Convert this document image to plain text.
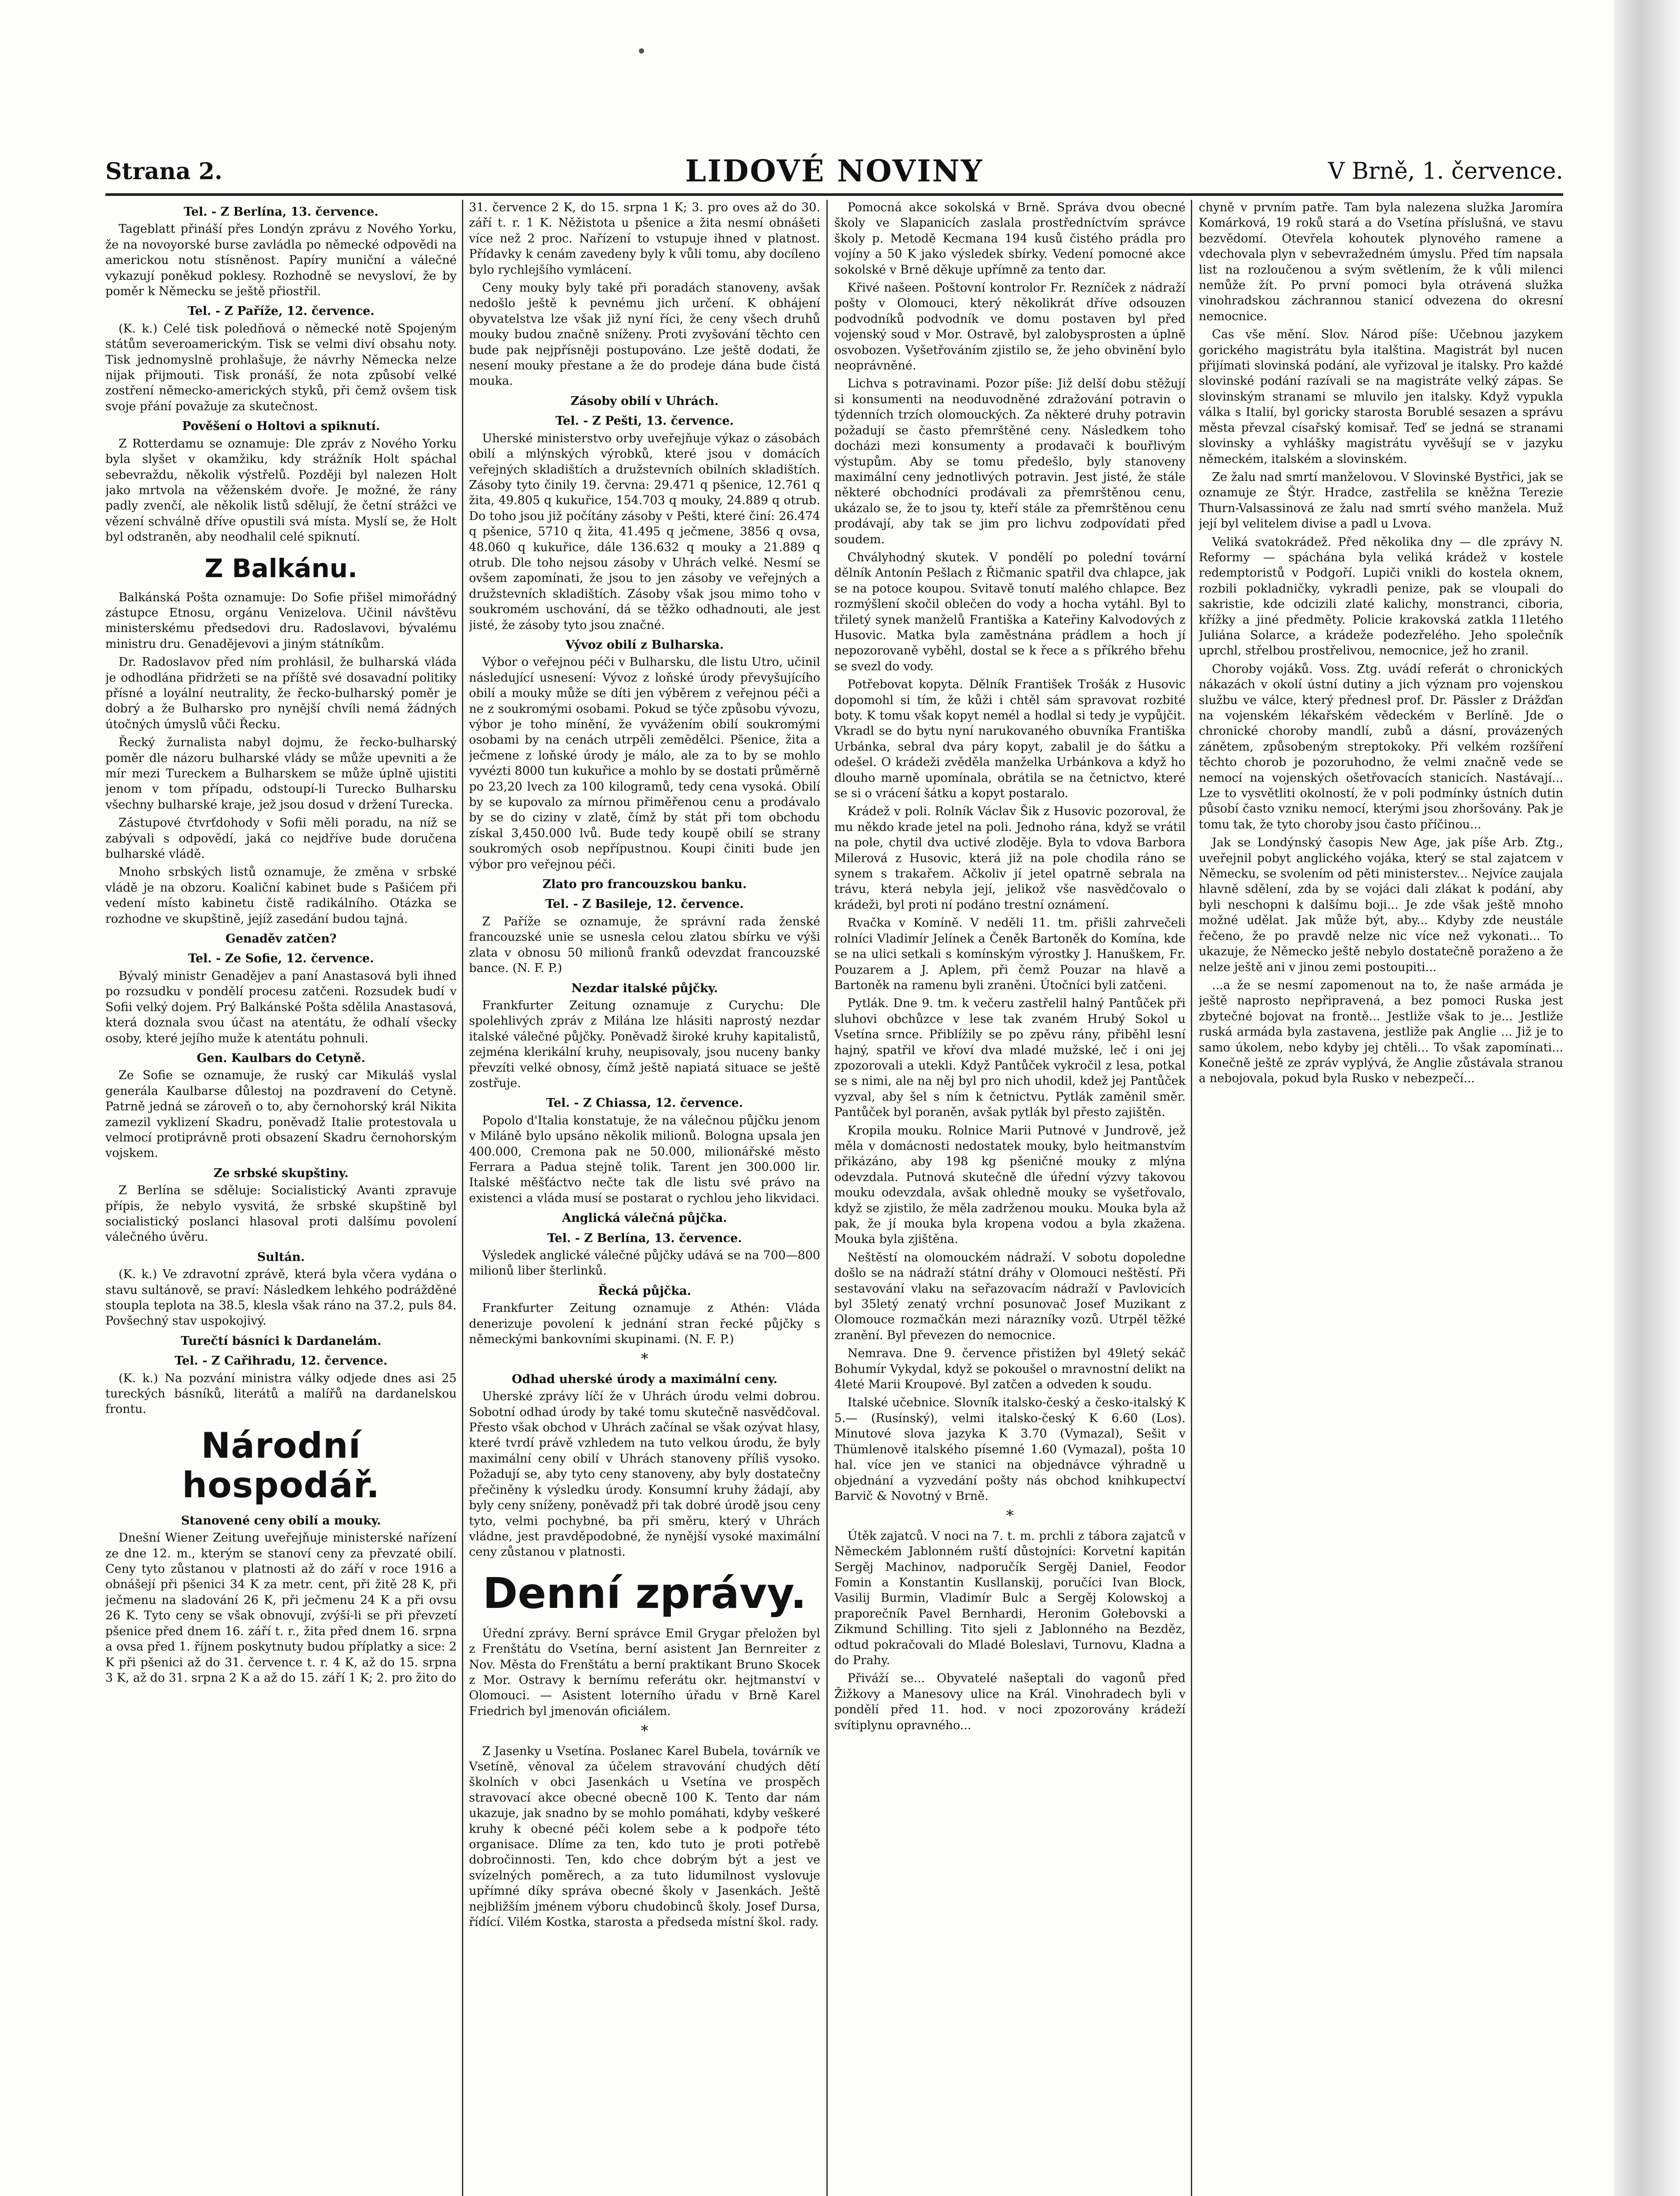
Strana 2.	LIDOVÉ NOVINY	V Brně, 1. července.

Tel. - Z Berlína, 13. července.

Tageblatt přináší přes Londýn zprávu z Nového Yorku, že na novoyorské burse zavládla po německé odpovědi na americkou notu stísněnost. Papíry muniční a válečné vykazují poněkud poklesy. Rozhodně se nevysloví, že by poměr k Německu se ještě přiostřil.

Tel. - Z Paříže, 12. července.

(K. k.) Celé tisk poledňová o německé notě Spojeným státům severoamerickým. Tisk se velmi diví obsahu noty. Tisk jednomyslně prohlašuje, že návrhy Německa nelze nijak přijmouti. Tisk pronáší, že nota způsobí velké zostření německo-amerických styků, při čemž ovšem tisk svoje přání považuje za skutečnost.

Pověšení o Holtovi a spiknutí.

Z Rotterdamu se oznamuje: Dle zpráv z Nového Yorku byla slyšet v okamžiku, kdy strážník Holt spáchal sebevraždu, několik výstřelů. Později byl nalezen Holt jako mrtvola na věženském dvoře. Je možné, že rány padly zvenčí, ale několik listů sdělují, že četní strážci ve vězení schválně dříve opustili svá místa. Myslí se, že Holt byl odstraněn, aby neodhalil celé spiknutí.

Z Balkánu.

Balkánská Pošta oznamuje: Do Sofie přišel mimořádný zástupce Etnosu, orgánu Venizelova. Učinil návštěvu ministerskému předsedovi dru. Radoslavovi, bývalému ministru dru. Genadějevovi a jiným státníkům.

Dr. Radoslavov před ním prohlásil, že bulharská vláda je odhodlána přidržeti se na příště své dosavadní politiky přísné a loyální neutrality, že řecko-bulharský poměr je dobrý a že Bulharsko pro nynější chvíli nemá žádných útočných úmyslů vůči Řecku.

Řecký žurnalista nabyl dojmu, že řecko-bulharský poměr dle názoru bulharské vlády se může upevniti a že mír mezi Tureckem a Bulharskem se může úplně ujistiti jenom v tom případu, odstoupí-li Turecko Bulharsku všechny bulharské kraje, jež jsou dosud v držení Turecka.

Zástupové čtvrťdohody v Sofii měli poradu, na níž se zabývali s odpovědí, jaká co nejdříve bude doručena bulharské vládě.

Mnoho srbských listů oznamuje, že změna v srbské vládě je na obzoru. Koaliční kabinet bude s Pašićem při vedení místo kabinetu čistě radikálního. Otázka se rozhodne ve skupštině, jejíž zasedání budou tajná.

Genaděv zatčen?

Tel. - Ze Sofie, 12. července.

Bývalý ministr Genadějev a paní Anastasová byli ihned po rozsudku v pondělí procesu zatčeni. Rozsudek budí v Sofii velký dojem. Prý Balkánské Pošta sdělila Anastasová, která doznala svou účast na atentátu, že odhalí všecky osoby, které jejího muže k atentátu pohnuli.

Gen. Kaulbars do Cetyně.

Ze Sofie se oznamuje, že ruský car Mikuláš vyslal generála Kaulbarse důlestoj na pozdravení do Cetyně. Patrně jedná se zároveň o to, aby černohorský král Nikita zamezil vyklizení Skadru, poněvadž Italie protestovala u velmocí protiprávně proti obsazení Skadru černohorským vojskem.

Ze srbské skupštiny.

Z Berlína se sděluje: Socialistický Avanti zpravuje přípis, že nebylo vysvitá, že srbské skupštině byl socialistický poslanci hlasoval proti dalšímu povolení válečného úvěru.

Sultán.

(K. k.) Ve zdravotní zprávě, která byla včera vydána o stavu sultánově, se praví: Následkem lehkého podrážděné stoupla teplota na 38.5, klesla však ráno na 37.2, puls 84. Povšechný stav uspokojivý.

Turečtí básníci k Dardanelám.

Tel. - Z Cařihradu, 12. července.

(K. k.) Na pozvání ministra války odjede dnes asi 25 tureckých básníků, literátů a malířů na dardanelskou frontu.

Národní hospodář.

Stanovené ceny obilí a mouky.

Dnešní Wiener Zeitung uveřejňuje ministerské nařízení ze dne 12. m., kterým se stanoví ceny za převzaté obilí. Ceny tyto zůstanou v platnosti až do září v roce 1916 a obnášejí při pšenici 34 K za metr. cent, při žitě 28 K, při ječmenu na sladování 26 K, při ječmenu 24 K a při ovsu 26 K. Tyto ceny se však obnovují, zvýší-li se při převzetí pšenice před dnem 16. září t. r., žita před dnem 16. srpna a ovsa před 1. říjnem poskytnuty budou příplatky a sice: 2 K při pšenici až do 31. července t. r. 4 K, až do 15. srpna 3 K, až do 31. srpna 2 K a až do 15. září 1 K; 2. pro žito do

31. července 2 K, do 15. srpna 1 K; 3. pro oves až do 30. září t. r. 1 K. Něžistota u pšenice a žita nesmí obnášeti více než 2 proc. Nařízení to vstupuje ihned v platnost. Přídavky k cenám zavedeny byly k vůli tomu, aby docíleno bylo rychlejšího vymlácení.

Ceny mouky byly také při poradách stanoveny, avšak nedošlo ještě k pevnému jich určení. K obhájení obyvatelstva lze však již nyní říci, že ceny všech druhů mouky budou značně sníženy. Proti zvyšování těchto cen bude pak nejpřísněji postupováno. Lze ještě dodati, že nesení mouky přestane a že do prodeje dána bude čistá mouka.

Zásoby obilí v Uhrách.

Tel. - Z Pešti, 13. července.

Uherské ministerstvo orby uveřejňuje výkaz o zásobách obilí a mlýnských výrobků, které jsou v domácích veřejných skladištích a družstevních obilních skladištích. Zásoby tyto činily 19. června: 29.471 q pšenice, 12.761 q žita, 49.805 q kukuřice, 154.703 q mouky, 24.889 q otrub. Do toho jsou již počítány zásoby v Pešti, které činí: 26.474 q pšenice, 5710 q žita, 41.495 q ječmene, 3856 q ovsa, 48.060 q kukuřice, dále 136.632 q mouky a 21.889 q otrub. Dle toho nejsou zásoby v Uhrách velké. Nesmí se ovšem zapomínati, že jsou to jen zásoby ve veřejných a družstevních skladištích. Zásoby však jsou mimo toho v soukromém uschování, dá se těžko odhadnouti, ale jest jisté, že zásoby tyto jsou značné.

Vývoz obilí z Bulharska.

Výbor o veřejnou péči v Bulharsku, dle listu Utro, učinil následující usnesení: Vývoz z loňské úrody převyšujícího obilí a mouky může se díti jen výběrem z veřejnou péči a ne z soukromými osobami. Pokud se týče způsobu vývozu, výbor je toho mínění, že vyvážením obilí soukromými osobami by na cenách utrpěli zemědělci. Pšenice, žita a ječmene z loňské úrody je málo, ale za to by se mohlo vyvézti 8000 tun kukuřice a mohlo by se dostati průměrně po 23,20 lvech za 100 kilogramů, tedy cena vysoká. Obilí by se kupovalo za mírnou přiměřenou cenu a prodávalo by se do ciziny v zlatě, čímž by stát při tom obchodu získal 3,450.000 lvů. Bude tedy koupě obilí se strany soukromých osob nepřípustnou. Koupi činiti bude jen výbor pro veřejnou péči.

Zlato pro francouzskou banku.

Tel. - Z Basileje, 12. července.

Z Paříže se oznamuje, že správní rada ženské francouzské unie se usnesla celou zlatou sbírku ve výši zlata v obnosu 50 milionů franků odevzdat francouzské bance. (N. F. P.)

Nezdar italské půjčky.

Frankfurter Zeitung oznamuje z Curychu: Dle spolehlivých zpráv z Milána lze hlásiti naprostý nezdar italské válečné půjčky. Poněvadž široké kruhy kapitalistů, zejména klerikální kruhy, neupisovaly, jsou nuceny banky převzíti velké obnosy, čímž ještě napiatá situace se ještě zostřuje.

Tel. - Z Chiassa, 12. července.

Popolo d'Italia konstatuje, že na válečnou půjčku jenom v Miláně bylo upsáno několik milionů. Bologna upsala jen 400.000, Cremona pak ne 50.000, milionářské město Ferrara a Padua stejně tolik. Tarent jen 300.000 lir. Italské měšťáctvo nečte tak dle listu své právo na existenci a vláda musí se postarat o rychlou jeho likvidaci.

Anglická válečná půjčka.

Tel. - Z Berlína, 13. července.

Výsledek anglické válečné půjčky udává se na 700—800 milionů liber šterlinků.

Řecká půjčka.

Frankfurter Zeitung oznamuje z Athén: Vláda denerizuje povolení k jednání stran řecké půjčky s německými bankovními skupinami. (N. F. P.)

*

Odhad uherské úrody a maximální ceny.

Uherské zprávy líčí že v Uhrách úrodu velmi dobrou. Sobotní odhad úrody by také tomu skutečně nasvědčoval. Přesto však obchod v Uhrách začínal se však ozývat hlasy, které tvrdí právě vzhledem na tuto velkou úrodu, že byly maximální ceny obilí v Uhrách stanoveny příliš vysoko. Požadují se, aby tyto ceny stanoveny, aby byly dostatečny přečiněny k výsledku úrody. Konsumní kruhy žádají, aby byly ceny sníženy, poněvadž při tak dobré úrodě jsou ceny tyto, velmi pochybné, ba při směru, který v Uhrách vládne, jest pravděpodobné, že nynější vysoké maximální ceny zůstanou v platnosti.

Denní zprávy.

Úřední zprávy. Berní správce Emil Grygar přeložen byl z Frenštátu do Vsetína, berní asistent Jan Bernreiter z Nov. Města do Frenštátu a berní praktikant Bruno Skocek z Mor. Ostravy k bernímu referátu okr. hejtmanství v Olomouci. — Asistent loterního úřadu v Brně Karel Friedrich byl jmenován oficiálem.

*

Z Jasenky u Vsetína. Poslanec Karel Bubela, továrník ve Vsetíně, věnoval za účelem stravování chudých dětí školních v obci Jasenkách u Vsetína ve prospěch stravovací akce obecné obecně 100 K. Tento dar nám ukazuje, jak snadno by se mohlo pomáhati, kdyby veškeré kruhy k obecné péči kolem sebe a k podpoře této organisace. Dlíme za ten, kdo tuto je proti potřebě dobročinnosti. Ten, kdo chce dobrým být a jest ve svízelných poměrech, a za tuto lidumilnost vyslovuje upřímné díky správa obecné školy v Jasenkách. Ještě nejbližším jménem výboru chudobinců školy. Josef Dursa, řídící. Vilém Kostka, starosta a předseda místní škol. rady.

Pomocná akce sokolská v Brně. Správa dvou obecné školy ve Slapanicích zaslala prostředníctvím správce školy p. Metodě Kecmana 194 kusů čistého prádla pro vojíny a 50 K jako výsledek sbírky. Vedení pomocné akce sokolské v Brně děkuje upřímně za tento dar.

Křivé našeen. Poštovní kontrolor Fr. Rezníček z nádraží pošty v Olomouci, který několikrát dříve odsouzen podvodníků podvodník ve domu postaven byl před vojenský soud v Mor. Ostravě, byl zalobysprosten a úplně osvobozen. Vyšetřováním zjistilo se, že jeho obvinění bylo neoprávněné.

Lichva s potravinami. Pozor píše: Již delší dobu stěžují si konsumenti na neoduvodněné zdražování potravin o týdenních trzích olomouckých. Za některé druhy potravin požadují se často přemrštěné ceny. Následkem toho docházi mezi konsumenty a prodavači k bouřlivým výstupům. Aby se tomu předešlo, byly stanoveny maximální ceny jednotlivých potravin. Jest jisté, že stále některé obchodníci prodávali za přemrštěnou cenu, ukázalo se, že to jsou ty, kteří stále za přemrštěnou cenu prodávají, aby tak se jim pro lichvu zodpovídati před soudem.

Chvályhodný skutek. V pondělí po polední tovární dělník Antonín Pešlach z Řičmanic spatřil dva chlapce, jak se na potoce koupou. Svitavě tonutí malého chlapce. Bez rozmýšlení skočil oblečen do vody a hocha vytáhl. Byl to třiletý synek manželů Františka a Kateřiny Kalvodových z Husovic. Matka byla zaměstnána prádlem a hoch jí nepozorovaně vyběhl, dostal se k řece a s příkrého břehu se svezl do vody.

Potřebovat kopyta. Dělník František Trošák z Husovic dopomohl si tím, že kůži i chtěl sám spravovat rozbité boty. K tomu však kopyt nemél a hodlal si tedy je vypůjčit. Vkradl se do bytu nyní narukovaného obuvníka Františka Urbánka, sebral dva páry kopyt, zabalil je do šátku a odešel. O krádeži zvěděla manželka Urbánkova a když ho dlouho marně upomínala, obrátila se na četnictvo, které se si o vrácení šátku a kopyt postaralo.

Krádež v poli. Rolník Václav Šik z Husovic pozoroval, že mu někdo krade jetel na poli. Jednoho rána, když se vrátil na pole, chytil dva uctivé zloděje. Byla to vdova Barbora Milerová z Husovic, která již na pole chodila ráno se synem s trakařem. Ačkoliv jí jetel opatrně sebrala na trávu, která nebyla její, jelikož vše nasvědčovalo o krádeži, byl proti ní podáno trestní oznámení.

Rvačka v Komíně. V neděli 11. tm. přišli zahrvečeli rolníci Vladimír Jelínek a Čeněk Bartoněk do Komína, kde se na ulici setkali s komínským výrostky J. Hanuškem, Fr. Pouzarem a J. Aplem, při čemž Pouzar na hlavě a Bartoněk na ramenu byli zraněni. Útočníci byli zatčeni.

Pytlák. Dne 9. tm. k večeru zastřelil halný Pantůček při sluhovi obchůzce v lese tak zvaném Hrubý Sokol u Vsetína srnce. Přiblížily se po zpěvu rány, přiběhl lesní hajný, spatřil ve křoví dva mladé mužské, leč i oni jej zpozorovali a utekli. Když Pantůček vykročil z lesa, potkal se s nimi, ale na něj byl pro nich uhodil, kdež jej Pantůček vyzval, aby šel s ním k četnictvu. Pytlák zaměnil směr. Pantůček byl poraněn, avšak pytlák byl přesto zajištěn.

Kropila mouku. Rolnice Marii Putnové v Jundrově, jež měla v domácnosti nedostatek mouky, bylo heitmanstvím přikázáno, aby 198 kg pšeničné mouky z mlýna odevzdala. Putnová skutečně dle úřední výzvy takovou mouku odevzdala, avšak ohledně mouky se vyšetřovalo, když se zjistilo, že měla zadrženou mouku. Mouka byla až pak, že jí mouka byla kropena vodou a byla zkažena. Mouka byla zjištěna.

Neštěstí na olomouckém nádraží. V sobotu dopoledne došlo se na nádraží státní dráhy v Olomouci neštěstí. Při sestavování vlaku na seřazovacím nádraží v Pavlovicích byl 35letý zenatý vrchní posunovač Josef Muzikant z Olomouce rozmačkán mezi nárazníky vozů. Utrpěl těžké zranění. Byl převezen do nemocnice.

Nemrava. Dne 9. července přistižen byl 49letý sekáč Bohumír Vykydal, když se pokoušel o mravnostní delikt na 4leté Marii Kroupové. Byl zatčen a odveden k soudu.

Italské učebnice. Slovník italsko-český a česko-italský K 5.— (Rusínský), velmi italsko-český K 6.60 (Los). Minutové slova jazyka K 3.70 (Vymazal), Sešit v Thümlenově italského písemné 1.60 (Vymazal), pošta 10 hal. více jen ve stanici na objednávce výhradně u objednání a vyzvedání pošty nás obchod knihkupectví Barvič & Novotný v Brně.

*

Útěk zajatců. V noci na 7. t. m. prchli z tábora zajatců v Německém Jablonném ruští důstojníci: Korvetní kapitán Sergěj Machinov, nadporučík Sergěj Daniel, Feodor Fomin a Konstantin Kusllanskij, poručíci Ivan Block, Vasilij Burmin, Vladimír Bulc a Sergěj Kolowskoj a praporečník Pavel Bernhardi, Heronim Gołebovski a Zikmund Schilling. Tito sjeli z Jablonného na Bezděz, odtud pokračovali do Mladé Boleslavi, Turnovu, Kladna a do Prahy.

Přiváží se... Obyvatelé našeptali do vagonů před Žižkovy a Manesovy ulice na Král. Vinohradech byli v pondělí před 11. hod. v noci zpozorovány krádeží svítiplynu opravného...

chyně v prvním patře. Tam byla nalezena služka Jaromíra Komárková, 19 roků stará a do Vsetína příslušná, ve stavu bezvědomí. Otevřela kohoutek plynového ramene a vdechovala plyn v sebevražedném úmyslu. Před tím napsala list na rozloučenou a svým světlením, že k vůli milenci nemůže žít. Po první pomoci byla otrávená služka vinohradskou záchrannou stanicí odvezena do okresní nemocnice.

Cas vše mění. Slov. Národ píše: Učebnou jazykem gorického magistrátu byla italština. Magistrát byl nucen přijímati slovinská podání, ale vyřizoval je italsky. Pro každé slovinské podání razívali se na magistráte velký zápas. Se slovinským stranami se mluvilo jen italsky. Když vypukla válka s Italií, byl goricky starosta Borublé sesazen a správu města převzal císařský komisař. Teď se jedná se stranami slovinsky a vyhlášky magistrátu vyvěšují se v jazyku německém, italském a slovinském.

Ze žalu nad smrtí manželovou. V Slovinské Bystřici, jak se oznamuje ze Štýr. Hradce, zastřelila se kněžna Terezie Thurn-Valsassinová ze žalu nad smrtí svého manžela. Muž její byl velitelem divise a padl u Lvova.

Veliká svatokrádež. Před několika dny — dle zprávy N. Reformy — spáchána byla veliká krádež v kostele redemptoristů v Podgoří. Lupiči vnikli do kostela oknem, rozbili pokladničky, vykradli penize, pak se vloupali do sakristie, kde odcizili zlaté kalichy, monstranci, ciboria, křížky a jiné předměty. Policie krakovská zatkla 11letého Juliána Solarce, a krádeže podezřelého. Jeho společník uprchl, střelbou prostřelivou, nemocnice, jež ho zranil.

Choroby vojáků. Voss. Ztg. uvádí referát o chronických nákazách v okolí ústní dutiny a jich význam pro vojenskou službu ve válce, který přednesl prof. Dr. Pässler z Drážďan na vojenském lékařském vědeckém v Berlíně. Jde o chronické choroby mandlí, zubů a dásní, provázených zánětem, způsobeným streptokoky. Při velkém rozšíření těchto chorob je pozoruhodno, že velmi značně vede se nemocí na vojenských ošetřovacích stanicích. Nastávají... Lze to vysvětliti okolností, že v poli podmínky ústních dutin působí často vzniku nemocí, kterými jsou zhoršovány. Pak je tomu tak, že tyto choroby jsou často příčinou...

Jak se Londýnský časopis New Age, jak píše Arb. Ztg., uveřejnil pobyt anglického vojáka, který se stal zajatcem v Německu, se svolením od pěti ministerstev... Nejvíce zaujala hlavně sdělení, zda by se vojáci dali zlákat k podání, aby byli neschopni k dalšímu boji... Je zde však ještě mnoho možné udělat. Jak může být, aby... Kdyby zde neustále řečeno, že po pravdě nelze nic více než vykonati... To ukazuje, že Německo ještě nebylo dostatečně poraženo a že nelze ještě ani v jinou zemi postoupiti...

...a že se nesmí zapomenout na to, že naše armáda je ještě naprosto nepřipravená, a bez pomoci Ruska jest zbytečné bojovat na frontě... Jestliže však to je... Jestliže ruská armáda byla zastavena, jestliže pak Anglie ... Již je to samo úkolem, nebo kdyby jej chtěli... To však zapomínati... Konečně ještě ze zpráv vyplývá, že Anglie zůstávala stranou a nebojovala, pokud byla Rusko v nebezpečí...
